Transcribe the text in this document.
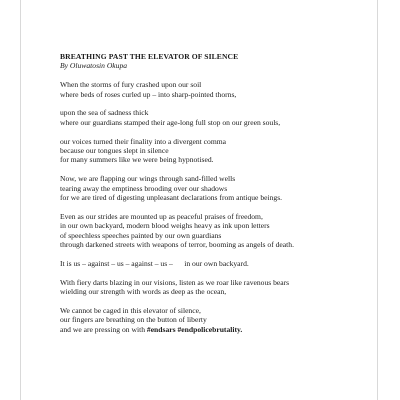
BREATHING PAST THE ELEVATOR OF SILENCE
By Oluwatosin Okupa
When the storms of fury crashed upon our soil
where beds of roses curled up – into sharp-pointed thorns,
upon the sea of sadness thick
where our guardians stamped their age-long full stop on our green souls,
our voices turned their finality into a divergent comma
because our tongues slept in silence
for many summers like we were being hypnotised.
Now, we are flapping our wings through sand-filled wells
tearing away the emptiness brooding over our shadows
for we are tired of digesting unpleasant declarations from antique beings.
Even as our strides are mounted up as peaceful praises of freedom,
in our own backyard, modern blood weighs heavy as ink upon letters
of speechless speeches painted by our own guardians
through darkened streets with weapons of terror, booming as angels of death.
It is us – against – us – against – us –      in our own backyard.
With fiery darts blazing in our visions, listen as we roar like ravenous bears
wielding our strength with words as deep as the ocean,
We cannot be caged in this elevator of silence,
our fingers are breathing on the button of liberty
and we are pressing on with #endsars #endpolicebrutality.
